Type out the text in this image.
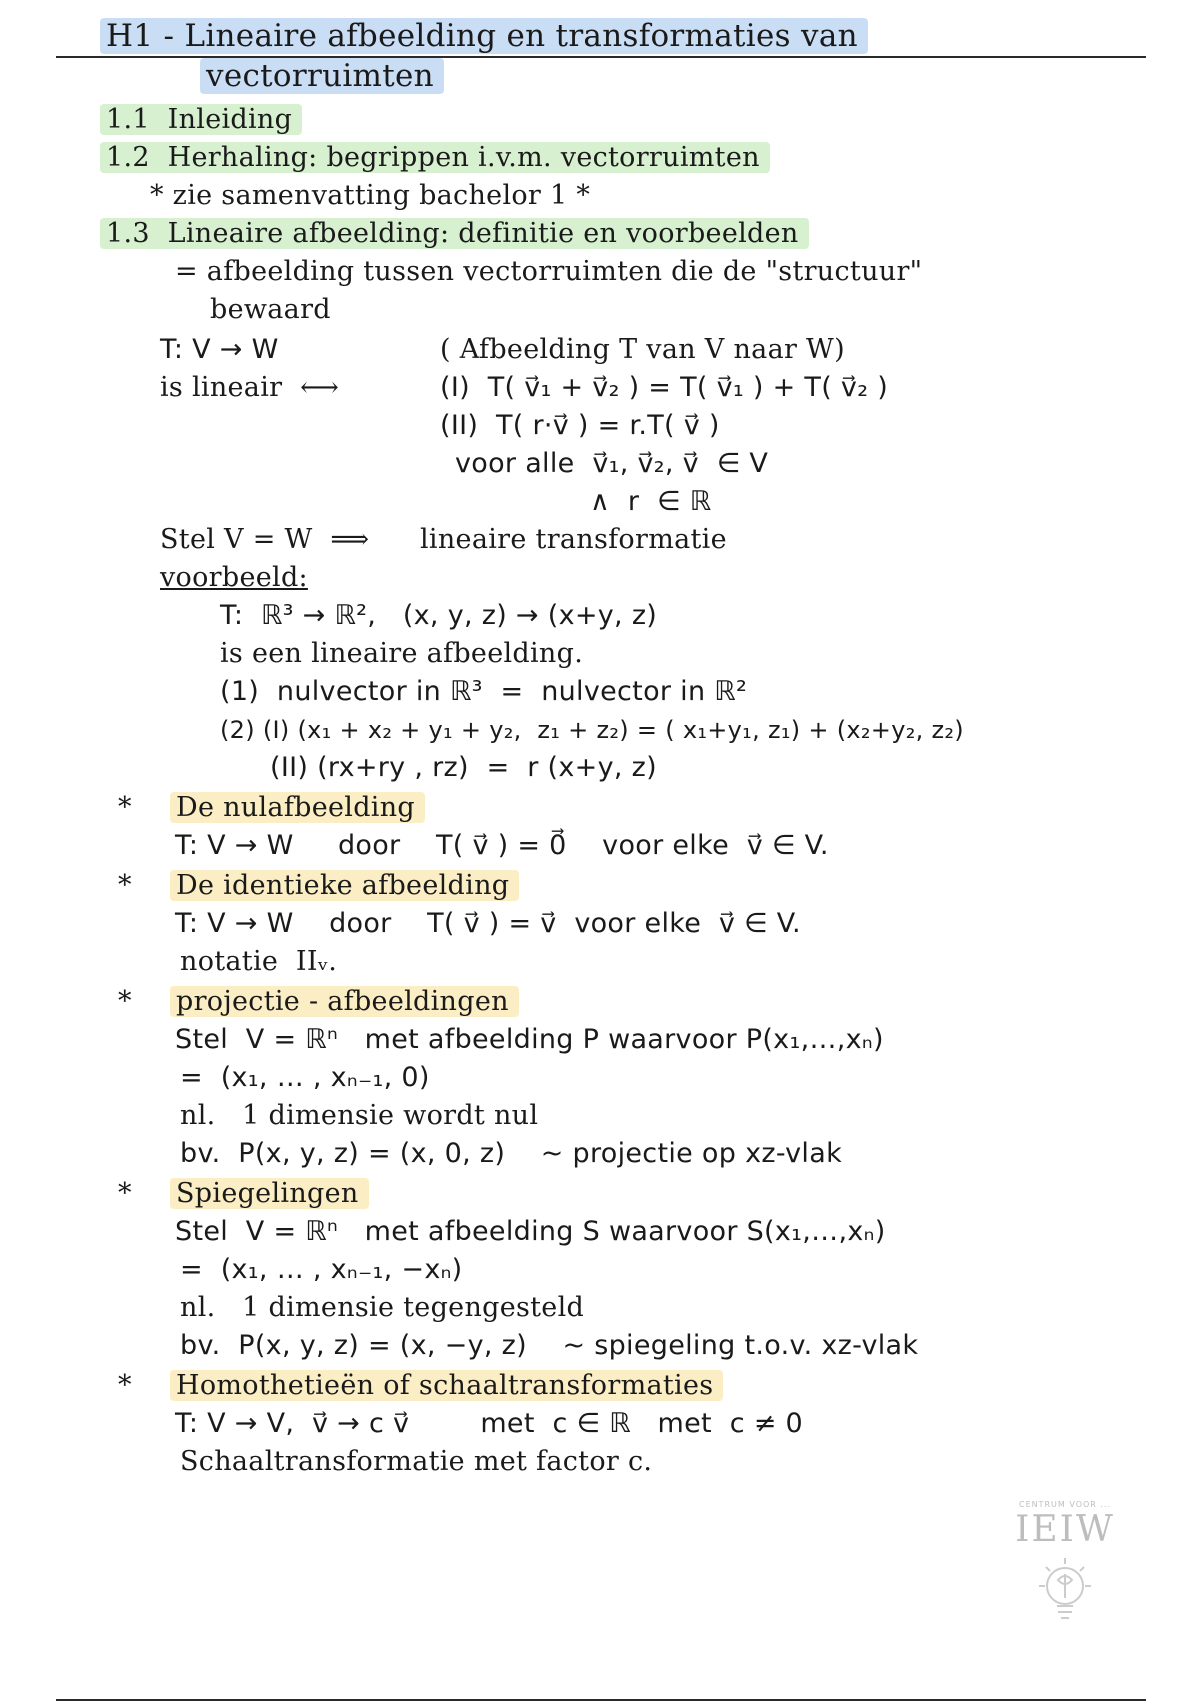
H1 - Lineaire afbeelding en transformaties van
vectorruimten
1.1  Inleiding
1.2  Herhaling: begrippen i.v.m. vectorruimten
* zie samenvatting bachelor 1 *
1.3  Lineaire afbeelding: definitie en voorbeelden
= afbeelding tussen vectorruimten die de "structuur"
bewaard
T: V → W	( Afbeelding T van V naar W)
is lineair  ⟷	(I)  T( v⃗₁ + v⃗₂ ) = T( v⃗₁ ) + T( v⃗₂ )
(II)  T( r·v⃗ ) = r.T( v⃗ )
voor alle  v⃗₁, v⃗₂, v⃗  ∈ V
∧  r  ∈ ℝ
Stel V = W  ⟹ lineaire transformatie
voorbeeld:
T:  ℝ³ → ℝ²,   (x, y, z) → (x+y, z)
is een lineaire afbeelding.
(1)  nulvector in ℝ³  =  nulvector in ℝ²
(2) (I) (x₁ + x₂ + y₁ + y₂,  z₁ + z₂) = ( x₁+y₁, z₁) + (x₂+y₂, z₂)
(II) (rx+ry , rz)  =  r (x+y, z)
* De nulafbeelding
T: V → W     door    T( v⃗ ) = 0⃗    voor elke  v⃗ ∈ V.
* De identieke afbeelding
T: V → W    door    T( v⃗ ) = v⃗  voor elke  v⃗ ∈ V.
notatie  IIᵥ.
* projectie - afbeeldingen
Stel  V = ℝⁿ   met afbeelding P waarvoor P(x₁,…,xₙ)
=  (x₁, … , xₙ₋₁, 0)
nl.   1 dimensie wordt nul
bv.  P(x, y, z) = (x, 0, z)    ~ projectie op xz-vlak
* Spiegelingen
Stel  V = ℝⁿ   met afbeelding S waarvoor S(x₁,…,xₙ)
=  (x₁, … , xₙ₋₁, −xₙ)
nl.   1 dimensie tegengesteld
bv.  P(x, y, z) = (x, −y, z)    ~ spiegeling t.o.v. xz-vlak
* Homothetieën of schaaltransformaties
T: V → V,  v⃗ → c v⃗        met  c ∈ ℝ   met  c ≠ 0
Schaaltransformatie met factor c.
CENTRUM VOOR ...
IEIW
